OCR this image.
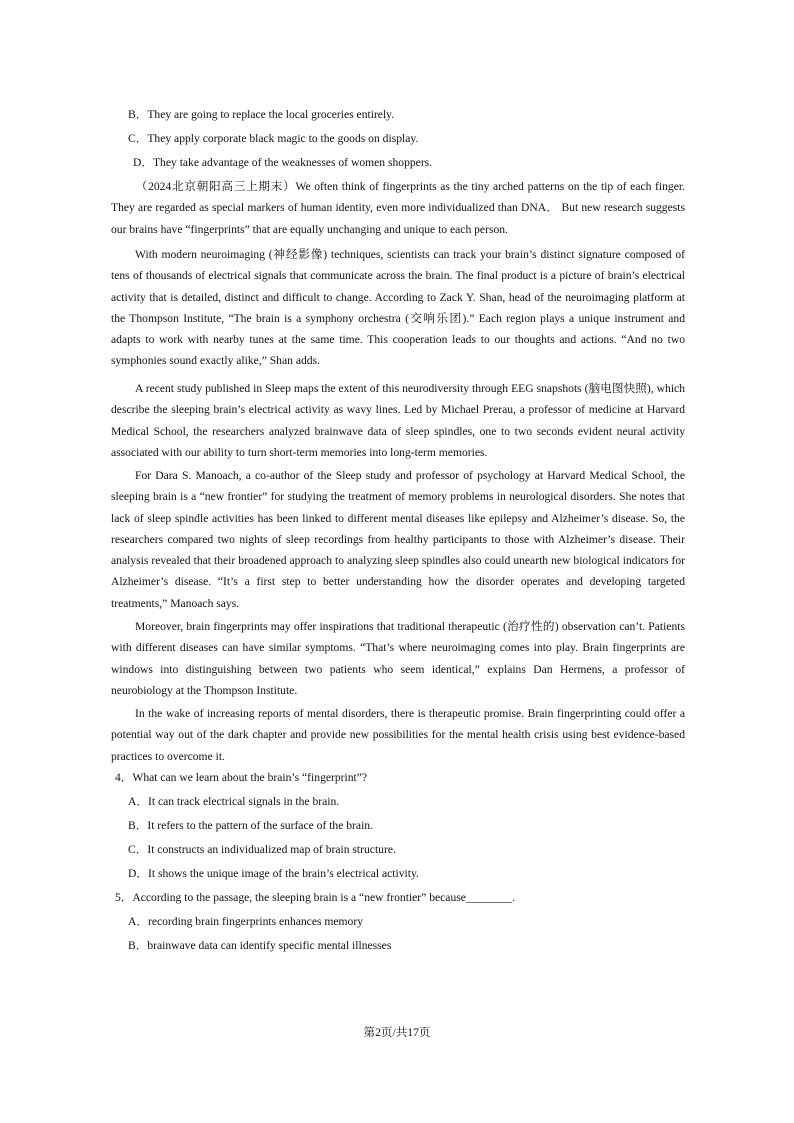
B．They are going to replace the local groceries entirely.
C．They apply corporate black magic to the goods on display.
D．They take advantage of the weaknesses of women shoppers.

（2024北京朝阳高三上期末）We often think of fingerprints as the tiny arched patterns on the tip of each finger. They are regarded as special markers of human identity, even more individualized than DNA． But new research suggests our brains have “fingerprints” that are equally unchanging and unique to each person.

With modern neuroimaging (神经影像) techniques, scientists can track your brain’s distinct signature composed of tens of thousands of electrical signals that communicate across the brain. The final product is a picture of brain’s electrical activity that is detailed, distinct and difficult to change. According to Zack Y. Shan, head of the neuroimaging platform at the Thompson Institute, “The brain is a symphony orchestra (交响乐团).” Each region plays a unique instrument and adapts to work with nearby tunes at the same time. This cooperation leads to our thoughts and actions. “And no two symphonies sound exactly alike,” Shan adds.

A recent study published in Sleep maps the extent of this neurodiversity through EEG snapshots (脑电图快照), which describe the sleeping brain’s electrical activity as wavy lines. Led by Michael Prerau, a professor of medicine at Harvard Medical School, the researchers analyzed brainwave data of sleep spindles, one to two seconds evident neural activity associated with our ability to turn short-term memories into long-term memories.

For Dara S. Manoach, a co-author of the Sleep study and professor of psychology at Harvard Medical School, the sleeping brain is a “new frontier” for studying the treatment of memory problems in neurological disorders. She notes that lack of sleep spindle activities has been linked to different mental diseases like epilepsy and Alzheimer’s disease. So, the researchers compared two nights of sleep recordings from healthy participants to those with Alzheimer’s disease. Their analysis revealed that their broadened approach to analyzing sleep spindles also could unearth new biological indicators for Alzheimer’s disease. “It’s a first step to better understanding how the disorder operates and developing targeted treatments,” Manoach says.

Moreover, brain fingerprints may offer inspirations that traditional therapeutic (治疗性的) observation can’t. Patients with different diseases can have similar symptoms. “That’s where neuroimaging comes into play. Brain fingerprints are windows into distinguishing between two patients who seem identical,” explains Dan Hermens, a professor of neurobiology at the Thompson Institute.

In the wake of increasing reports of mental disorders, there is therapeutic promise. Brain fingerprinting could offer a potential way out of the dark chapter and provide new possibilities for the mental health crisis using best evidence-based practices to overcome it.

4．What can we learn about the brain’s “fingerprint”?
A．It can track electrical signals in the brain.
B．It refers to the pattern of the surface of the brain.
C．It constructs an individualized map of brain structure.
D．It shows the unique image of the brain’s electrical activity.
5．According to the passage, the sleeping brain is a “new frontier” because________.
A．recording brain fingerprints enhances memory
B．brainwave data can identify specific mental illnesses
第2页/共17页
